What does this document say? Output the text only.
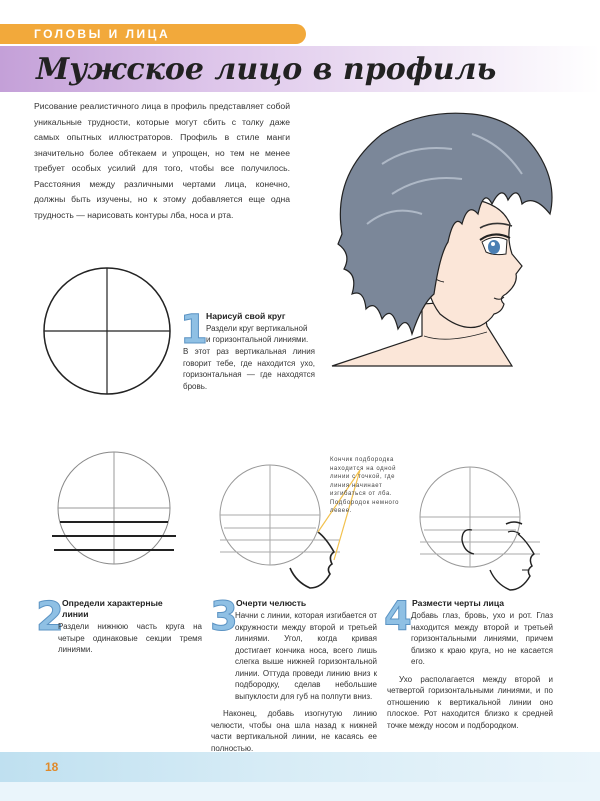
ГОЛОВЫ И ЛИЦА
Мужское лицо в профиль
Рисование реалистичного лица в профиль представляет собой уникальные трудности, которые могут сбить с толку даже самых опытных иллюстраторов. Профиль в стиле манги значительно более обтекаем и упрощен, но тем не менее требует особых усилий для того, чтобы все получилось. Расстояния между различными чертами лица, конечно, должны быть изучены, но к этому добавляется еще одна трудность — нарисовать контуры лба, носа и рта.
1
Нарисуй свой круг
Раздели круг вертикальной
и горизонтальной линиями.
В этот раз вертикальная линия говорит тебе, где находится ухо, горизонтальная — где находятся бровь.
Кончик подбородка находится на одной линии с точкой, где линия начинает изгибаться от лба. Подбородок немного левее.
2
Определи характерные линии
Раздели нижнюю часть круга на четыре одинаковые секции тремя линиями.
3
Очерти челюсть

Начни с линии, которая изгибается от окружности между второй и третьей линиями. Угол, когда кривая достигает кончика носа, всего лишь слегка выше нижней горизонтальной линии. Оттуда проведи линию вниз к подбородку, сделав небольшие выпуклости для губ на полпути вниз.

Наконец, добавь изогнутую линию челюсти, чтобы она шла назад к нижней части вертикальной линии, не касаясь ее полностью.

4 Размести черты лица

Добавь глаз, бровь, ухо и рот. Глаз находится между второй и третьей горизонтальными линиями, причем близко к краю круга, но не касается его.

Ухо располагается между второй и четвертой горизонтальными линиями, и по отношению к вертикальной линии оно плоское. Рот находится близко к средней точке между носом и подбородком.

18
